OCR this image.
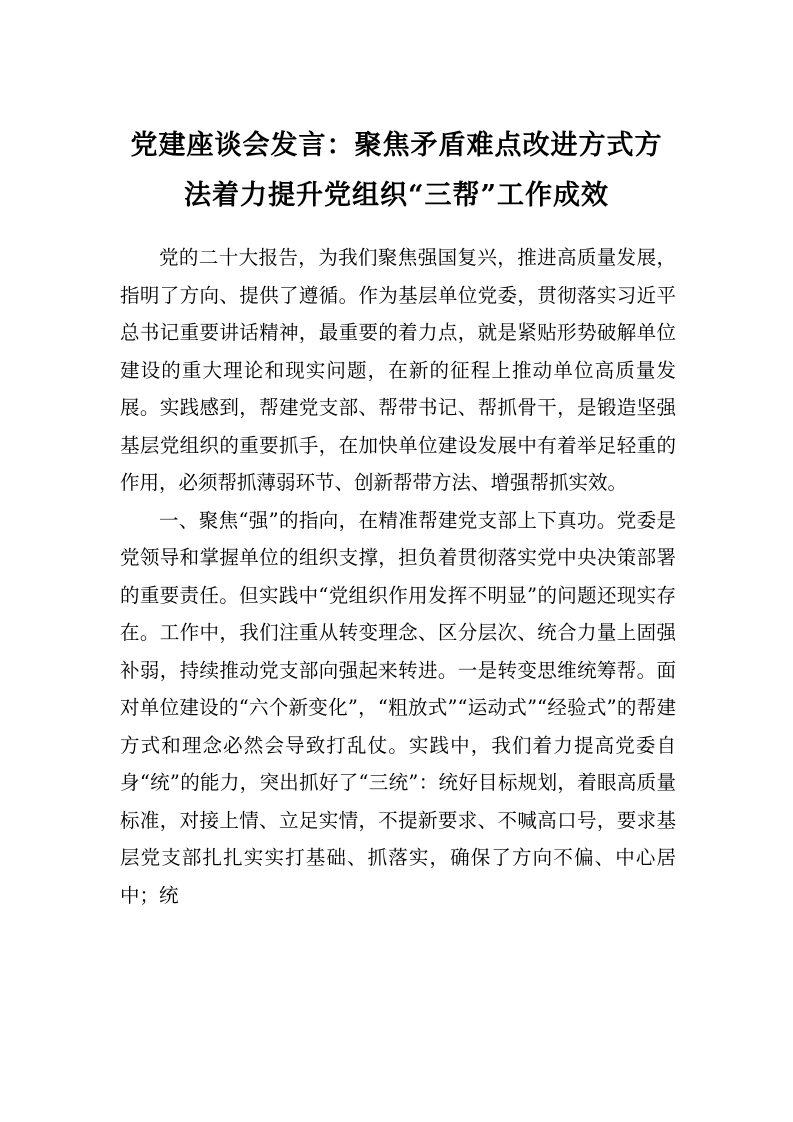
党建座谈会发言：聚焦矛盾难点改进方式方
法着力提升党组织“三帮”工作成效

党的二十大报告，为我们聚焦强国复兴，推进高质量发展，指明了方向、提供了遵循。作为基层单位党委，贯彻落实习近平总书记重要讲话精神，最重要的着力点，就是紧贴形势破解单位建设的重大理论和现实问题，在新的征程上推动单位高质量发展。实践感到，帮建党支部、帮带书记、帮抓骨干，是锻造坚强基层党组织的重要抓手，在加快单位建设发展中有着举足轻重的作用，必须帮抓薄弱环节、创新帮带方法、增强帮抓实效。

一、聚焦“强”的指向，在精准帮建党支部上下真功。党委是党领导和掌握单位的组织支撑，担负着贯彻落实党中央决策部署的重要责任。但实践中“党组织作用发挥不明显”的问题还现实存在。工作中，我们注重从转变理念、区分层次、统合力量上固强补弱，持续推动党支部向强起来转进。一是转变思维统筹帮。面对单位建设的“六个新变化”，“粗放式”“运动式”“经验式”的帮建方式和理念必然会导致打乱仗。实践中，我们着力提高党委自身“统”的能力，突出抓好了“三统”：统好目标规划，着眼高质量标准，对接上情、立足实情，不提新要求、不喊高口号，要求基层党支部扎扎实实打基础、抓落实，确保了方向不偏、中心居中；统
